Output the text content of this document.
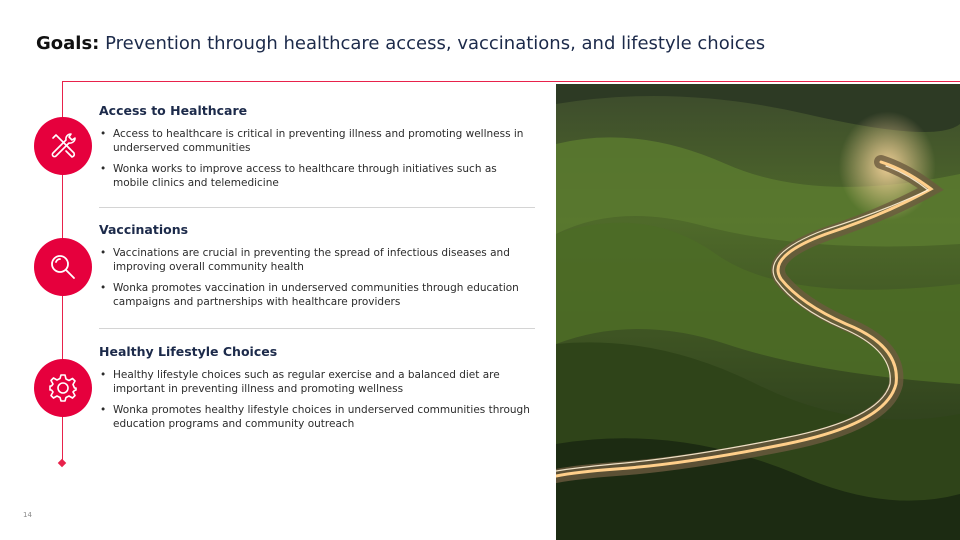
Goals: Prevention through healthcare access, vaccinations, and lifestyle choices
Access to Healthcare
• Access to healthcare is critical in preventing illness and promoting wellness in underserved communities
• Wonka works to improve access to healthcare through initiatives such as mobile clinics and telemedicine
Vaccinations
• Vaccinations are crucial in preventing the spread of infectious diseases and improving overall community health
• Wonka promotes vaccination in underserved communities through education campaigns and partnerships with healthcare providers
Healthy Lifestyle Choices
• Healthy lifestyle choices such as regular exercise and a balanced diet are important in preventing illness and promoting wellness
• Wonka promotes healthy lifestyle choices in underserved communities through education programs and community outreach
14
